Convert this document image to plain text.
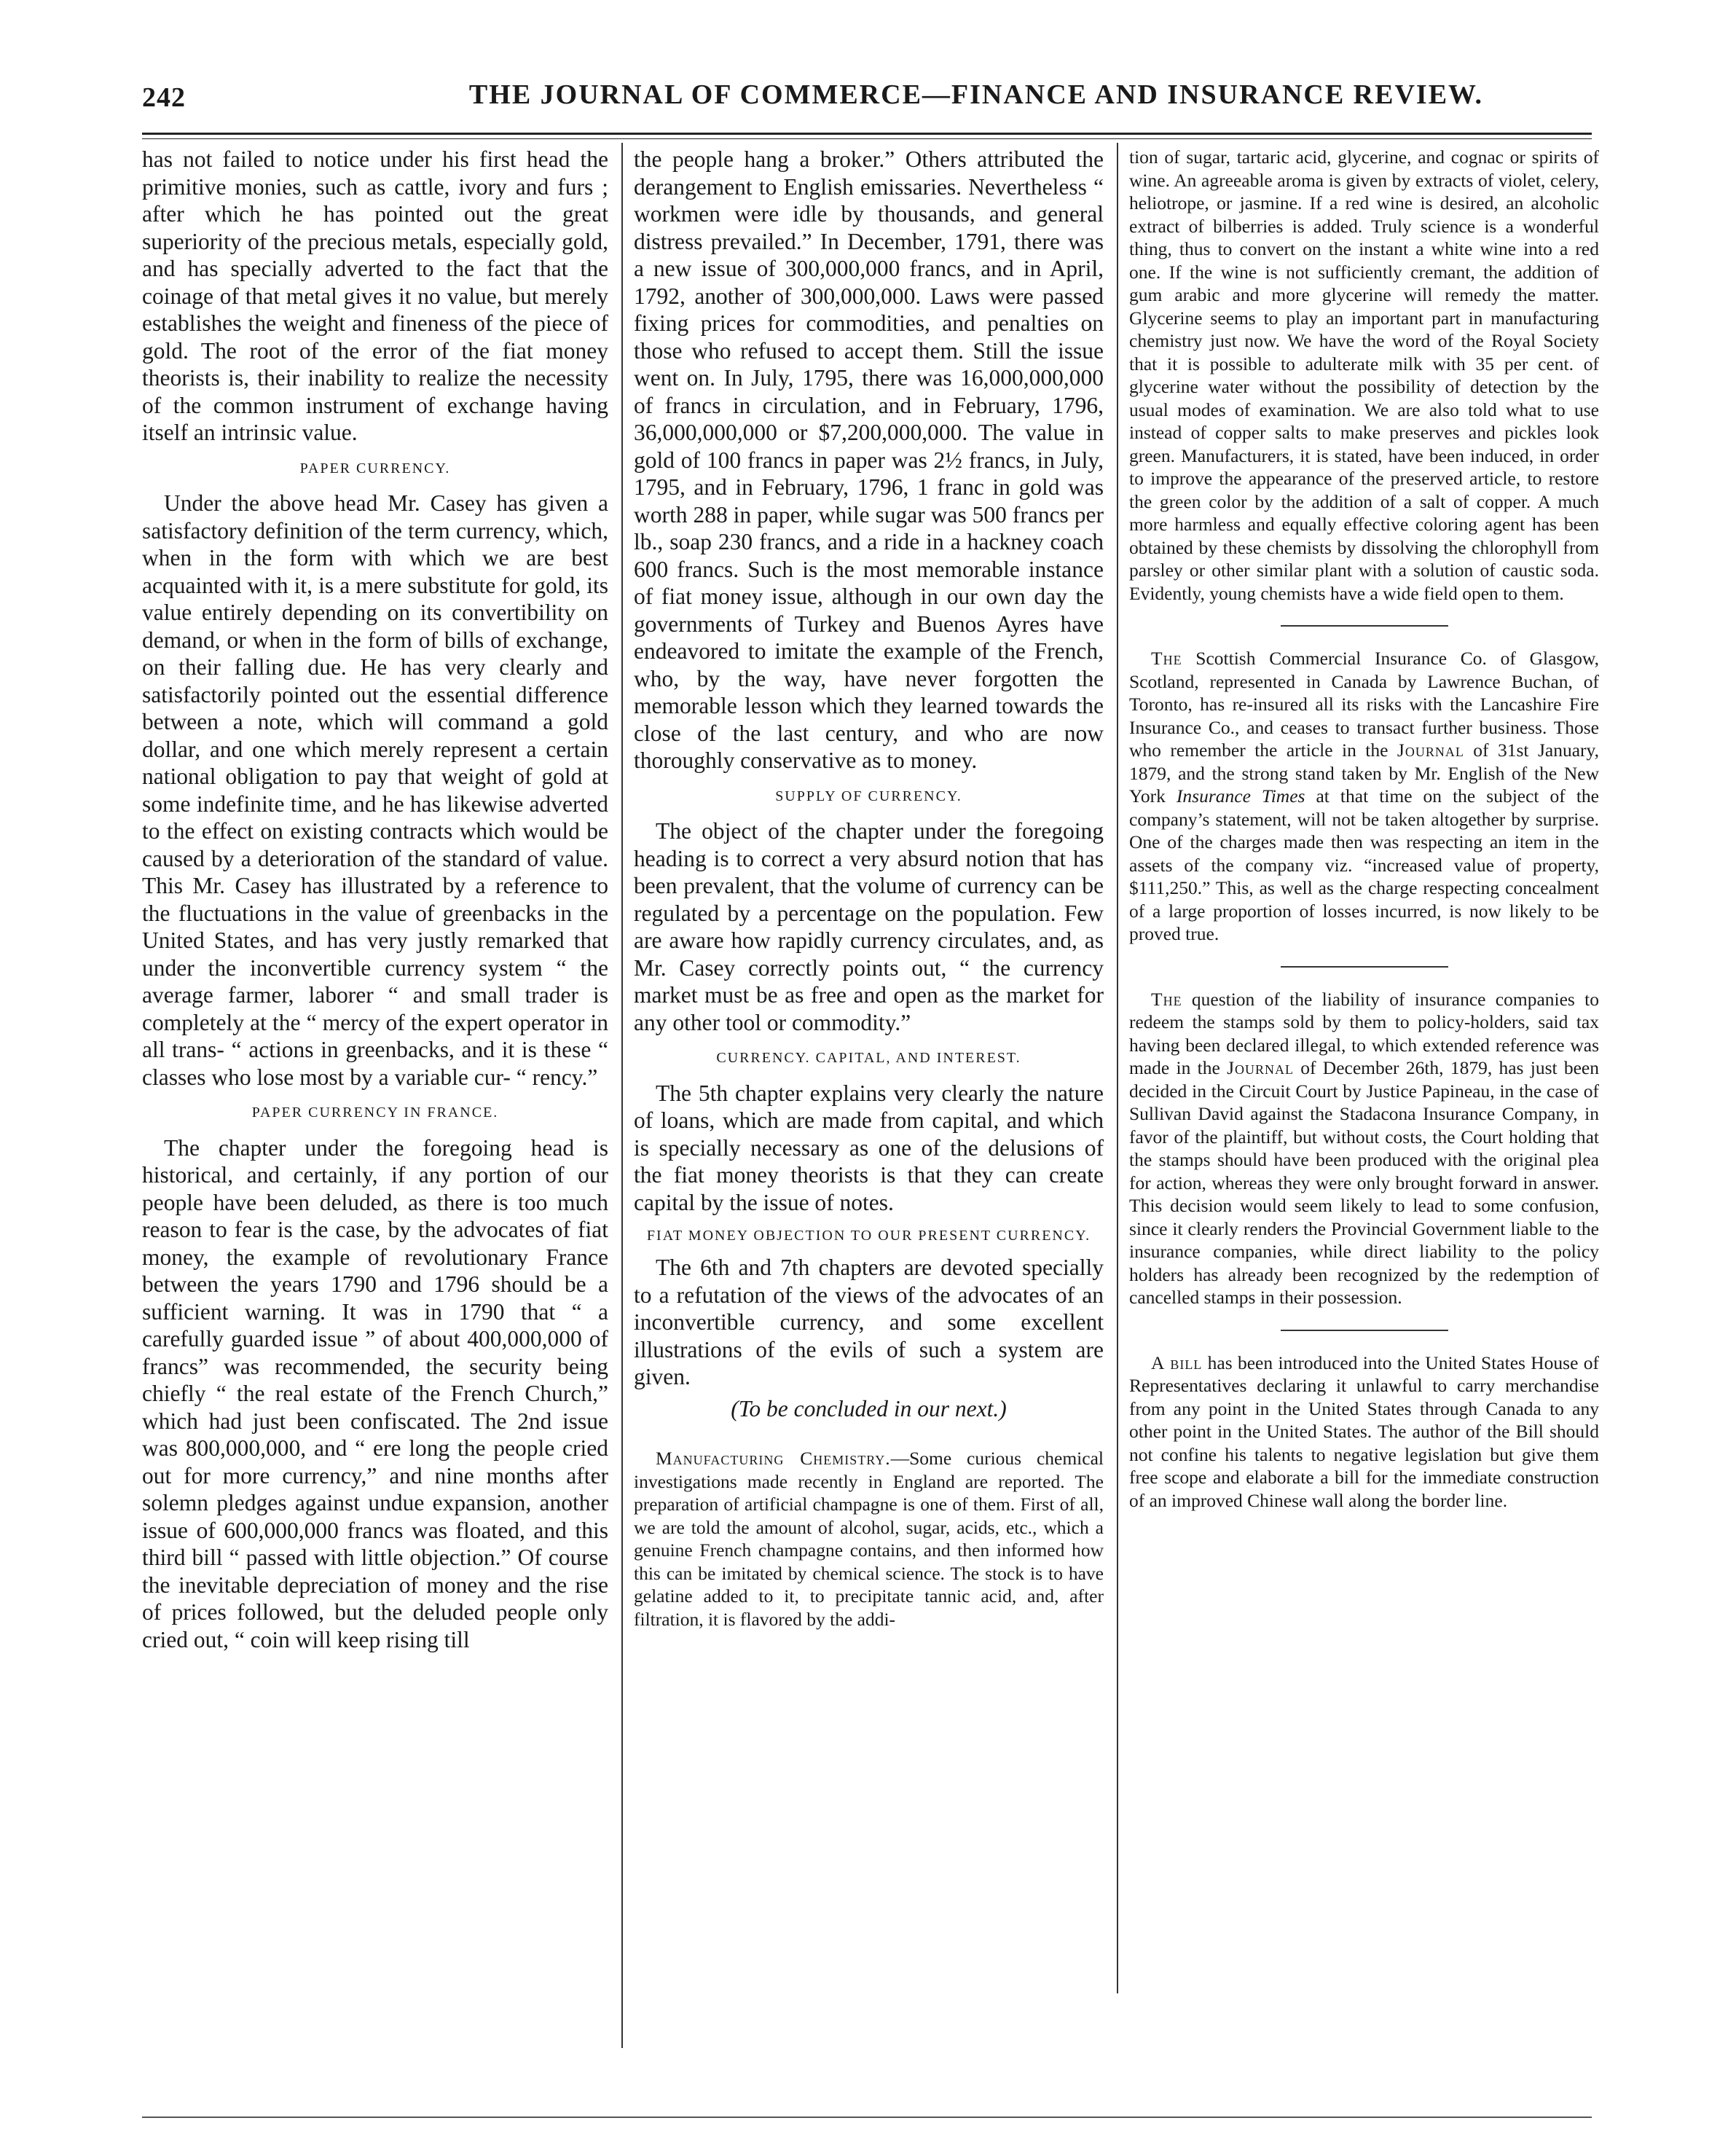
242	THE JOURNAL OF COMMERCE—FINANCE AND INSURANCE REVIEW.

has not failed to notice under his first head the primitive monies, such as cattle, ivory and furs ; after which he has pointed out the great superiority of the precious metals, especially gold, and has specially adverted to the fact that the coinage of that metal gives it no value, but merely establishes the weight and fineness of the piece of gold. The root of the error of the fiat money theorists is, their inability to realize the necessity of the common instrument of exchange having itself an intrinsic value.

PAPER CURRENCY.

Under the above head Mr. Casey has given a satisfactory definition of the term currency, which, when in the form with which we are best acquainted with it, is a mere substitute for gold, its value entirely depending on its convertibility on demand, or when in the form of bills of exchange, on their falling due. He has very clearly and satisfactorily pointed out the essential difference between a note, which will command a gold dollar, and one which merely represent a certain national obligation to pay that weight of gold at some indefinite time, and he has likewise adverted to the effect on existing contracts which would be caused by a deterioration of the standard of value. This Mr. Casey has illustrated by a reference to the fluctuations in the value of greenbacks in the United States, and has very justly remarked that under the inconvertible currency system “ the average farmer, laborer “ and small trader is completely at the “ mercy of the expert operator in all trans- “ actions in greenbacks, and it is these “ classes who lose most by a variable cur- “ rency.”

PAPER CURRENCY IN FRANCE.

The chapter under the foregoing head is historical, and certainly, if any portion of our people have been deluded, as there is too much reason to fear is the case, by the advocates of fiat money, the example of revolutionary France between the years 1790 and 1796 should be a sufficient warning. It was in 1790 that “ a carefully guarded issue ” of about 400,000,000 of francs” was recommended, the security being chiefly “ the real estate of the French Church,” which had just been confiscated. The 2nd issue was 800,000,000, and “ ere long the people cried out for more currency,” and nine months after solemn pledges against undue expansion, another issue of 600,000,000 francs was floated, and this third bill “ passed with little objection.” Of course the inevitable depreciation of money and the rise of prices followed, but the deluded people only cried out, “ coin will keep rising till

the people hang a broker.” Others attributed the derangement to English emissaries. Nevertheless “ workmen were idle by thousands, and general distress prevailed.” In December, 1791, there was a new issue of 300,000,000 francs, and in April, 1792, another of 300,000,000. Laws were passed fixing prices for commodities, and penalties on those who refused to accept them. Still the issue went on. In July, 1795, there was 16,000,000,000 of francs in circulation, and in February, 1796, 36,000,000,000 or $7,200,000,000. The value in gold of 100 francs in paper was 2½ francs, in July, 1795, and in February, 1796, 1 franc in gold was worth 288 in paper, while sugar was 500 francs per lb., soap 230 francs, and a ride in a hackney coach 600 francs. Such is the most memorable instance of fiat money issue, although in our own day the governments of Turkey and Buenos Ayres have endeavored to imitate the example of the French, who, by the way, have never forgotten the memorable lesson which they learned towards the close of the last century, and who are now thoroughly conservative as to money.

SUPPLY OF CURRENCY.

The object of the chapter under the foregoing heading is to correct a very absurd notion that has been prevalent, that the volume of currency can be regulated by a percentage on the population. Few are aware how rapidly currency circulates, and, as Mr. Casey correctly points out, “ the currency market must be as free and open as the market for any other tool or commodity.”

CURRENCY. CAPITAL, AND INTEREST.

The 5th chapter explains very clearly the nature of loans, which are made from capital, and which is specially necessary as one of the delusions of the fiat money theorists is that they can create capital by the issue of notes.

FIAT MONEY OBJECTION TO OUR PRESENT CURRENCY.

The 6th and 7th chapters are devoted specially to a refutation of the views of the advocates of an inconvertible currency, and some excellent illustrations of the evils of such a system are given.

(To be concluded in our next.)

Manufacturing Chemistry.—Some curious chemical investigations made recently in England are reported. The preparation of artificial champagne is one of them. First of all, we are told the amount of alcohol, sugar, acids, etc., which a genuine French champagne contains, and then informed how this can be imitated by chemical science. The stock is to have gelatine added to it, to precipitate tannic acid, and, after filtration, it is flavored by the addi-

tion of sugar, tartaric acid, glycerine, and cognac or spirits of wine. An agreeable aroma is given by extracts of violet, celery, heliotrope, or jasmine. If a red wine is desired, an alcoholic extract of bilberries is added. Truly science is a wonderful thing, thus to convert on the instant a white wine into a red one. If the wine is not sufficiently cremant, the addition of gum arabic and more glycerine will remedy the matter. Glycerine seems to play an important part in manufacturing chemistry just now. We have the word of the Royal Society that it is possible to adulterate milk with 35 per cent. of glycerine water without the possibility of detection by the usual modes of examination. We are also told what to use instead of copper salts to make preserves and pickles look green. Manufacturers, it is stated, have been induced, in order to improve the appearance of the preserved article, to restore the green color by the addition of a salt of copper. A much more harmless and equally effective coloring agent has been obtained by these chemists by dissolving the chlorophyll from parsley or other similar plant with a solution of caustic soda. Evidently, young chemists have a wide field open to them.

The Scottish Commercial Insurance Co. of Glasgow, Scotland, represented in Canada by Lawrence Buchan, of Toronto, has re-insured all its risks with the Lancashire Fire Insurance Co., and ceases to transact further business. Those who remember the article in the Journal of 31st January, 1879, and the strong stand taken by Mr. English of the New York Insurance Times at that time on the subject of the company’s statement, will not be taken altogether by surprise. One of the charges made then was respecting an item in the assets of the company viz. “increased value of property, $111,250.” This, as well as the charge respecting concealment of a large proportion of losses incurred, is now likely to be proved true.

The question of the liability of insurance companies to redeem the stamps sold by them to policy-holders, said tax having been declared illegal, to which extended reference was made in the Journal of December 26th, 1879, has just been decided in the Circuit Court by Justice Papineau, in the case of Sullivan David against the Stadacona Insurance Company, in favor of the plaintiff, but without costs, the Court holding that the stamps should have been produced with the original plea for action, whereas they were only brought forward in answer. This decision would seem likely to lead to some confusion, since it clearly renders the Provincial Government liable to the insurance companies, while direct liability to the policy holders has already been recognized by the redemption of cancelled stamps in their possession.

A bill has been introduced into the United States House of Representatives declaring it unlawful to carry merchandise from any point in the United States through Canada to any other point in the United States. The author of the Bill should not confine his talents to negative legislation but give them free scope and elaborate a bill for the immediate construction of an improved Chinese wall along the border line.
